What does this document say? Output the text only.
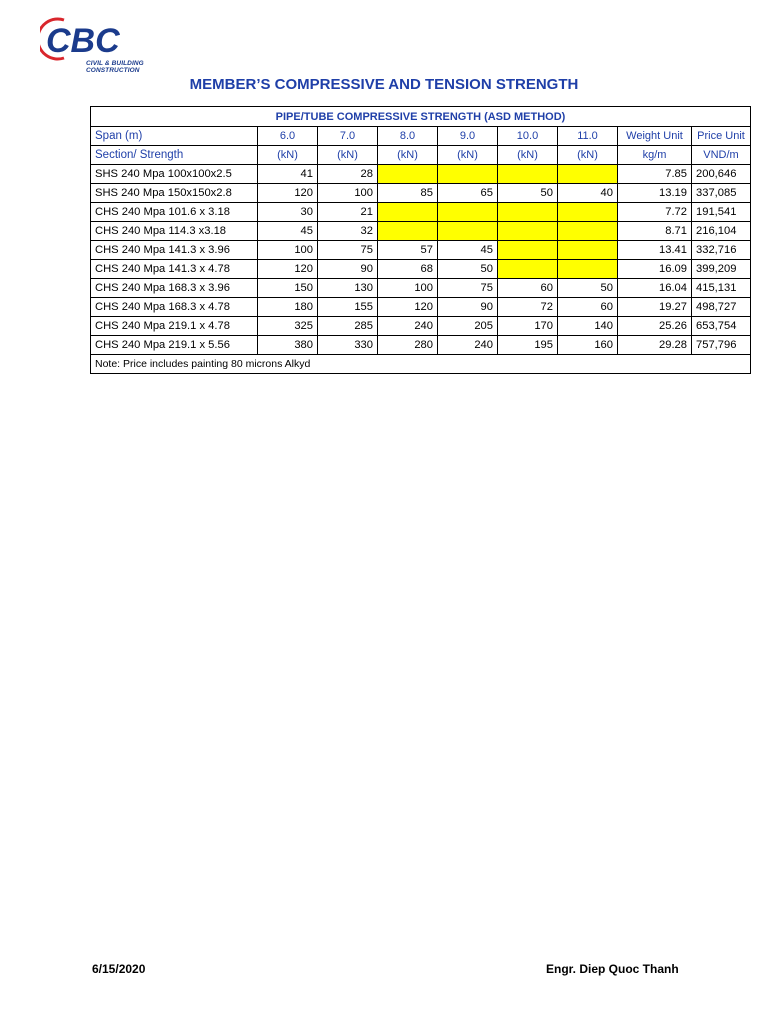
CBC
CIVIL & BUILDING
CONSTRUCTION
MEMBER’S COMPRESSIVE AND TENSION STRENGTH
PIPE/TUBE COMPRESSIVE STRENGTH (ASD METHOD)								
Span (m)	6.0	7.0	8.0	9.0	10.0	11.0	Weight Unit	Price Unit
Section/ Strength	(kN)	(kN)	(kN)	(kN)	(kN)	(kN)	kg/m	VND/m
SHS 240 Mpa 100x100x2.5	41	28					7.85	200,646
SHS 240 Mpa 150x150x2.8	120	100	85	65	50	40	13.19	337,085
CHS 240 Mpa 101.6 x 3.18	30	21					7.72	191,541
CHS 240 Mpa 114.3 x3.18	45	32					8.71	216,104
CHS 240 Mpa 141.3 x 3.96	100	75	57	45			13.41	332,716
CHS 240 Mpa 141.3 x 4.78	120	90	68	50			16.09	399,209
CHS 240 Mpa 168.3 x 3.96	150	130	100	75	60	50	16.04	415,131
CHS 240 Mpa 168.3 x 4.78	180	155	120	90	72	60	19.27	498,727
CHS 240 Mpa 219.1 x 4.78	325	285	240	205	170	140	25.26	653,754
CHS 240 Mpa 219.1 x 5.56	380	330	280	240	195	160	29.28	757,796
Note: Price includes painting 80 microns Alkyd								
6/15/2020	Engr. Diep Quoc Thanh
